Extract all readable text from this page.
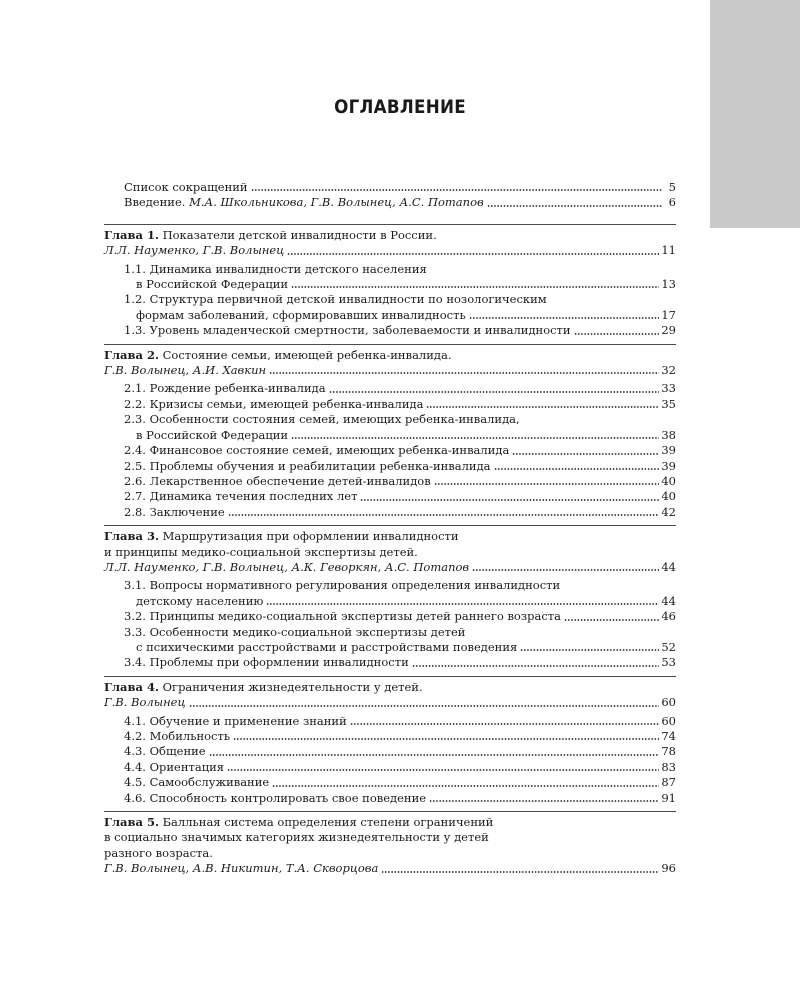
ОГЛАВЛЕНИЕ
Список сокращений	5
Введение. М.А. Школьникова, Г.В. Волынец, А.С. Потапов	6
Глава 1. Показатели детской инвалидности в России.
Л.Л. Науменко, Г.В. Волынец	11
1.1. Динамика инвалидности детского населения
в Российской Федерации	13
1.2. Структура первичной детской инвалидности по нозологическим
формам заболеваний, сформировавших инвалидность	17
1.3. Уровень младенческой смертности, заболеваемости и инвалидности	29
Глава 2. Состояние семьи, имеющей ребенка-инвалида.
Г.В. Волынец, А.И. Хавкин	32
2.1. Рождение ребенка-инвалида	33
2.2. Кризисы семьи, имеющей ребенка-инвалида	35
2.3. Особенности состояния семей, имеющих ребенка-инвалида,
в Российской Федерации	38
2.4. Финансовое состояние семей, имеющих ребенка-инвалида	39
2.5. Проблемы обучения и реабилитации ребенка-инвалида	39
2.6. Лекарственное обеспечение детей-инвалидов	40
2.7. Динамика течения последних лет	40
2.8. Заключение	42
Глава 3. Маршрутизация при оформлении инвалидности
и принципы медико-социальной экспертизы детей.
Л.Л. Науменко, Г.В. Волынец, А.К. Геворкян, А.С. Потапов	44
3.1. Вопросы нормативного регулирования определения инвалидности
детскому населению	44
3.2. Принципы медико-социальной экспертизы детей раннего возраста	46
3.3. Особенности медико-социальной экспертизы детей
с психическими расстройствами и расстройствами поведения	52
3.4. Проблемы при оформлении инвалидности	53
Глава 4. Ограничения жизнедеятельности у детей.
Г.В. Волынец	60
4.1. Обучение и применение знаний	60
4.2. Мобильность	74
4.3. Общение	78
4.4. Ориентация	83
4.5. Самообслуживание	87
4.6. Способность контролировать свое поведение	91
Глава 5. Балльная система определения степени ограничений
в социально значимых категориях жизнедеятельности у детей
разного возраста.
Г.В. Волынец, А.В. Никитин, Т.А. Скворцова	96
